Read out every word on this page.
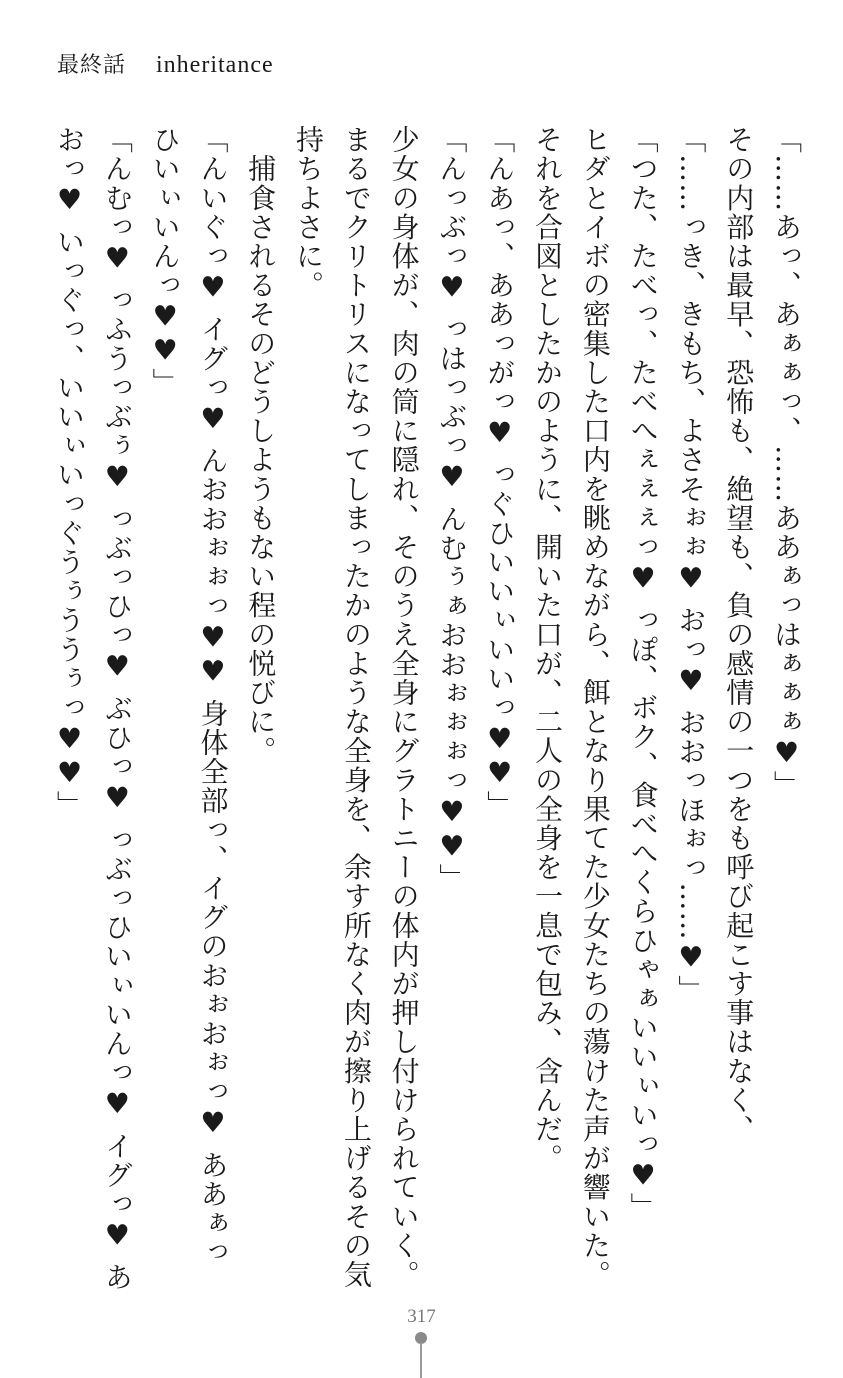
最終話 inheritance

「……あっ、あぁぁっ、……ああぁっはぁぁぁ♥」

その内部は最早、恐怖も、絶望も、負の感情の一つをも呼び起こす事はなく、

「……っき、きもち、よさそぉぉ♥ おっ♥ おおっほぉっ……♥」

「つた、たべっ、たべへぇぇぇっ♥ っぽ、ボク、食べへくらひゃぁいいぃいっ♥」

ヒダとイボの密集した口内を眺めながら、餌となり果てた少女たちの蕩けた声が響いた。

それを合図としたかのように、開いた口が、二人の全身を一息で包み、含んだ。

「んあっ、ああっがっ♥ っぐひいいぃいいっ♥♥」

「んっぶっ♥ っはっぶっ♥ んむぅぁおおぉぉぉっ♥♥」

少女の身体が、肉の筒に隠れ、そのうえ全身にグラトニーの体内が押し付けられていく。

まるでクリトリスになってしまったかのような全身を、余す所なく肉が擦り上げるその気持ちよさに。

　捕食されるそのどうしようもない程の悦びに。

「んいぐっ♥ イグっ♥ んおおぉぉっ♥♥ 身体全部っ、イグのおぉおぉっ♥ ああぁっひいぃいんっ♥♥」

「んむっ♥ っふうっぶぅ♥ っぶっひっ♥ ぶひっ♥ っぶっひいぃいんっ♥ イグっ♥ あおっ♥ いっぐっ、いいぃいっぐうぅううぅっ♥♥」

317
